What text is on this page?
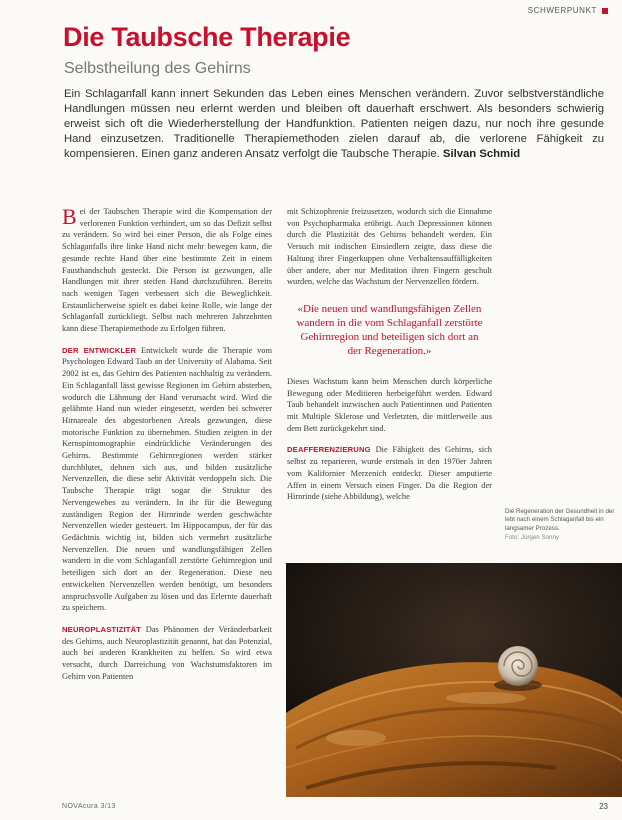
SCHWERPUNKT
Die Taubsche Therapie
Selbstheilung des Gehirns

Ein Schlaganfall kann innert Sekunden das Leben eines Menschen verändern. Zuvor selbstverständliche Handlungen müssen neu erlernt werden und bleiben oft dauerhaft erschwert. Als besonders schwierig erweist sich oft die Wiederherstellung der Handfunktion. Patienten neigen dazu, nur noch ihre gesunde Hand einzusetzen. Traditionelle Therapiemethoden zielen darauf ab, die verlorene Fähigkeit zu kompensieren. Einen ganz anderen Ansatz verfolgt die Taubsche Therapie. Silvan Schmid

B ei der Taubschen Therapie wird die Kompensation der verlorenen Funktion verhindert, um so das Defizit selbst zu verändern. So wird bei einer Person, die als Folge eines Schlaganfalls ihre linke Hand nicht mehr bewegen kann, die gesunde rechte Hand über eine bestimmte Zeit in einem Fausthandschuh gesteckt. Die Person ist gezwungen, alle Handlungen mit ihrer steifen Hand durchzuführen. Bereits nach wenigen Tagen verbessert sich die Beweglichkeit. Erstaunlicherweise spielt es dabei keine Rolle, wie lange der Schlaganfall zurückliegt. Selbst nach mehreren Jahrzehnten kann diese Therapiemethode zu Erfolgen führen.

DER ENTWICKLER Entwickelt wurde die Therapie vom Psychologen Edward Taub an der University of Alabama. Seit 2002 ist es, das Gehirn des Patienten nachhaltig zu verändern. Ein Schlaganfall lässt gewisse Regionen im Gehirn absterben, wodurch die Lähmung der Hand verursacht wird. Wird die gelähmte Hand nun wieder eingesetzt, werden bei schwerer Hirnareale des abgestorbenen Areals gezwungen, diese motorische Funktion zu übernehmen. Studien zeigten in der Kernspintomographie eindrückliche Veränderungen des Gehirns. Bestimmte Gehirnregionen werden stärker durchblutet, dehnen sich aus, und bilden zusätzliche Nervenzellen, die diese sehr Aktivität verdoppeln sich. Die Taubsche Therapie trägt sogar die Struktur des Nervengewebes zu verändern. In ihr für die Bewegung zuständigen Region der Hirnrinde werden geschwächte Nervenzellen wieder gesteuert. Im Hippocampus, der für das Gedächtnis wichtig ist, bilden sich vermehrt zusätzliche Nervenzellen. Die neuen und wandlungsfähigen Zellen wandern in die vom Schlaganfall zerstörte Gehirnregion und beteiligen sich dort an der Regeneration. Diese neu entwickelten Nervenzellen werden benötigt, um besonders anspruchsvolle Aufgaben zu lösen und das Erlernte dauerhaft zu speichern.

NEUROPLASTIZITÄT Das Phänomen der Veränderbarkeit des Gehirns, auch Neuroplastizität genannt, hat das Potenzial, auch bei anderen Krankheiten zu helfen. So wird etwa versucht, durch Darreichung von Wachstumsfaktoren im Gehirn von Patienten

mit Schizophrenie freizusetzen, wodurch sich die Einnahme von Psychopharmaka erübrigt. Auch Depressionen können durch die Plastizität des Gehirns behandelt werden. Ein Versuch mit indischen Einsiedlern zeigte, dass diese die Haltung ihrer Fingerkuppen ohne Verhaltensauffälligkeiten über andere, aber nur Meditation ihren Fingern geschult wurden, welche das Wachstum der Nervenzellen fördern.

«Die neuen und wandlungsfähigen Zellen wandern in die vom Schlaganfall zerstörte Gehirnregion und beteiligen sich dort an der Regeneration.»

Dieses Wachstum kann beim Menschen durch körperliche Bewegung oder Meditieren herbeigeführt werden. Edward Taub behandelt inzwischen auch Patientinnen und Patienten mit Multiple Sklerose und Verletzten, die mittlerweile aus dem Bett zurückgekehrt sind.

DEAFFERENZIERUNG Die Fähigkeit des Gehirns, sich selbst zu reparieren, wurde erstmals in den 1970er Jahren vom Kalifornier Merzenich entdeckt. Dieser amputierte Affen in einem Versuch einen Finger. Da die Region der Hirnrinde (siehe Abbildung), welche

Die Regeneration der Gesundheit in der lebt nach einem Schlaganfall bis ein langsamer Prozess.
Foto: Jürgen Sonny
NOVAcura 3/13	23
